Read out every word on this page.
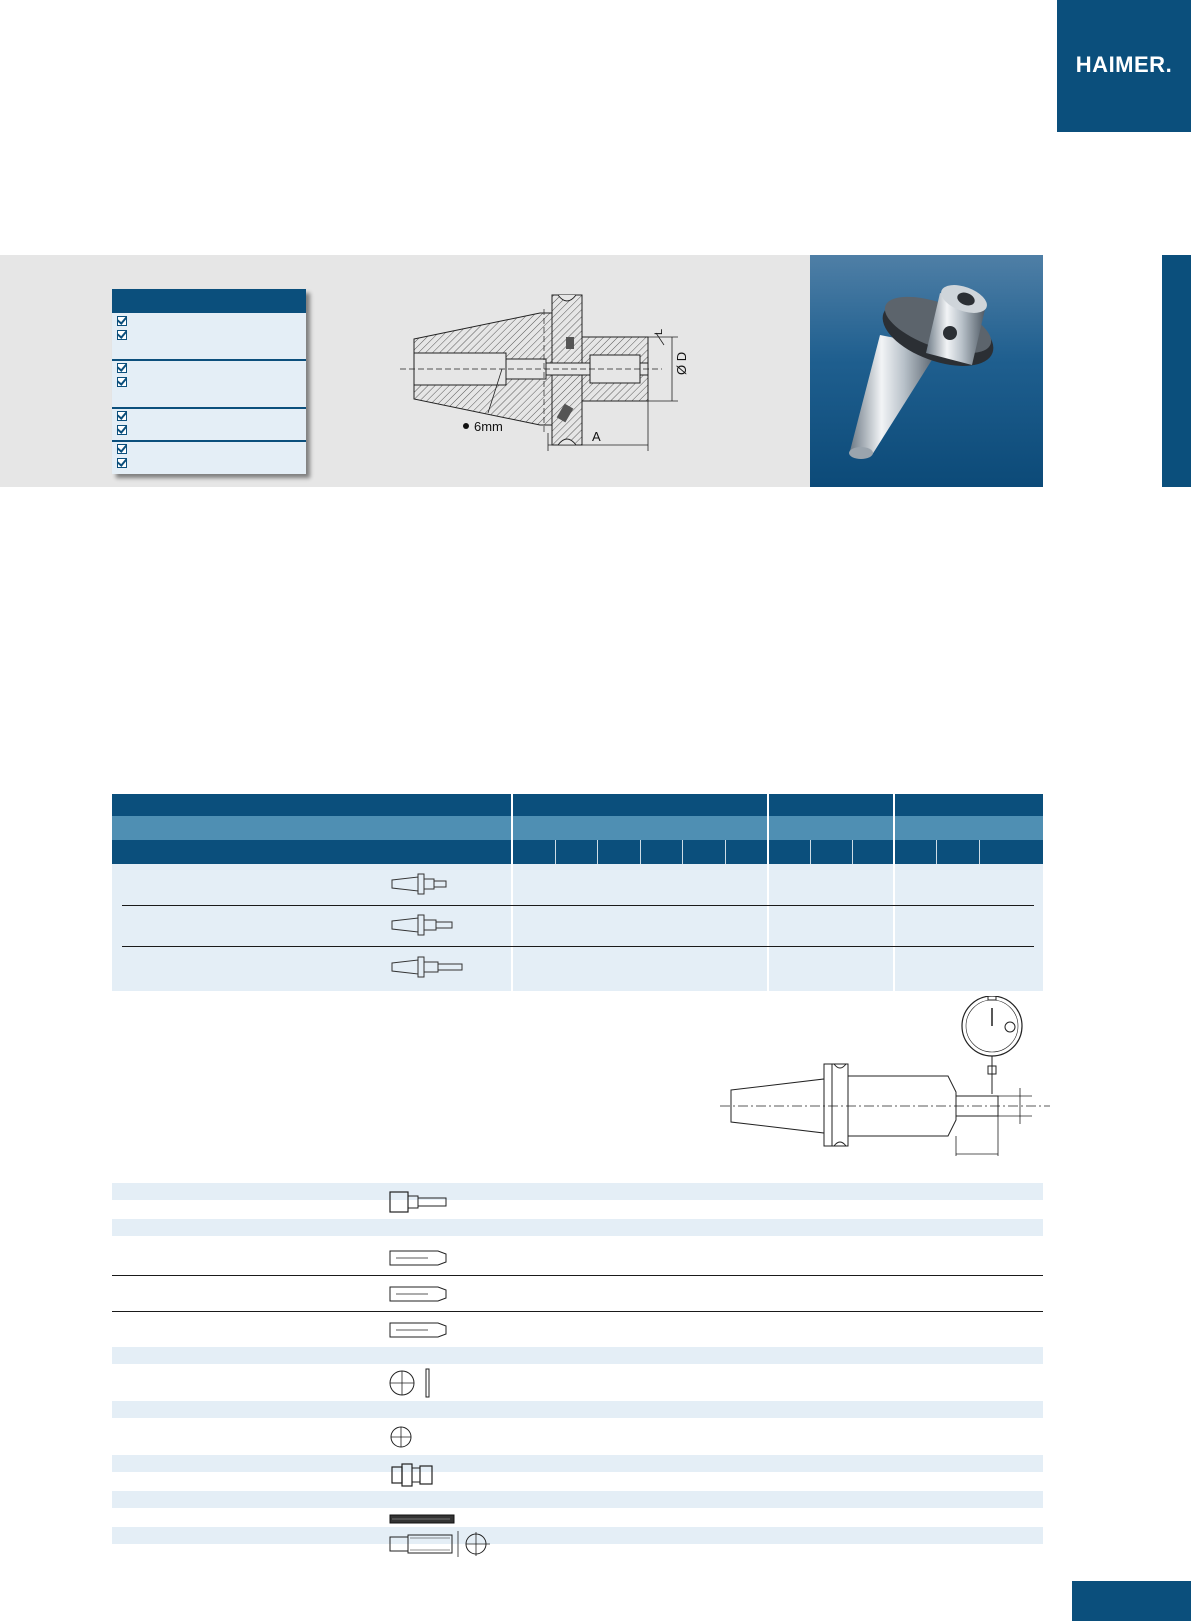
HAIMER.
6mm
A
Ø D
L
